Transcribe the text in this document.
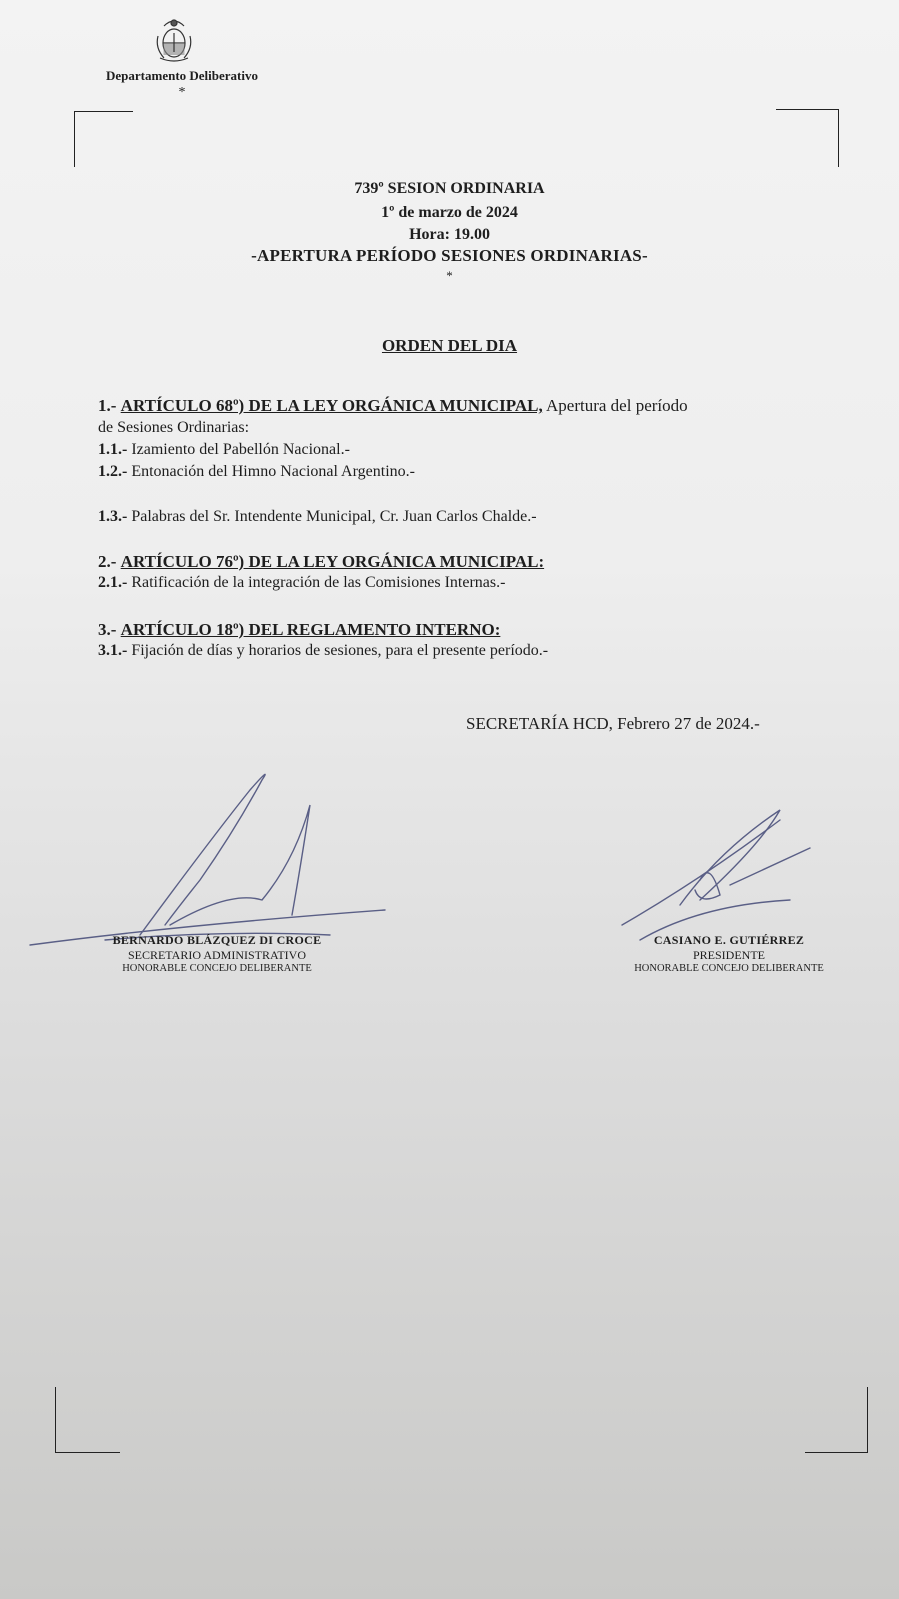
Departamento Deliberativo
*
739º SESION ORDINARIA
1º de marzo de 2024
Hora: 19.00
-APERTURA PERÍODO SESIONES ORDINARIAS-
*
ORDEN DEL DIA
1.- ARTÍCULO 68º) DE LA LEY ORGÁNICA MUNICIPAL, Apertura del período
de Sesiones Ordinarias:
1.1.- Izamiento del Pabellón Nacional.-
1.2.- Entonación del Himno Nacional Argentino.-
1.3.- Palabras del Sr. Intendente Municipal, Cr. Juan Carlos Chalde.-
2.- ARTÍCULO 76º) DE LA LEY ORGÁNICA MUNICIPAL:
2.1.- Ratificación de la integración de las Comisiones Internas.-
3.- ARTÍCULO 18º) DEL REGLAMENTO INTERNO:
3.1.- Fijación de días y horarios de sesiones, para el presente período.-
SECRETARÍA HCD, Febrero 27 de 2024.-
BERNARDO BLÁZQUEZ DI CROCE
SECRETARIO ADMINISTRATIVO
HONORABLE CONCEJO DELIBERANTE
CASIANO E. GUTIÉRREZ
PRESIDENTE
HONORABLE CONCEJO DELIBERANTE
